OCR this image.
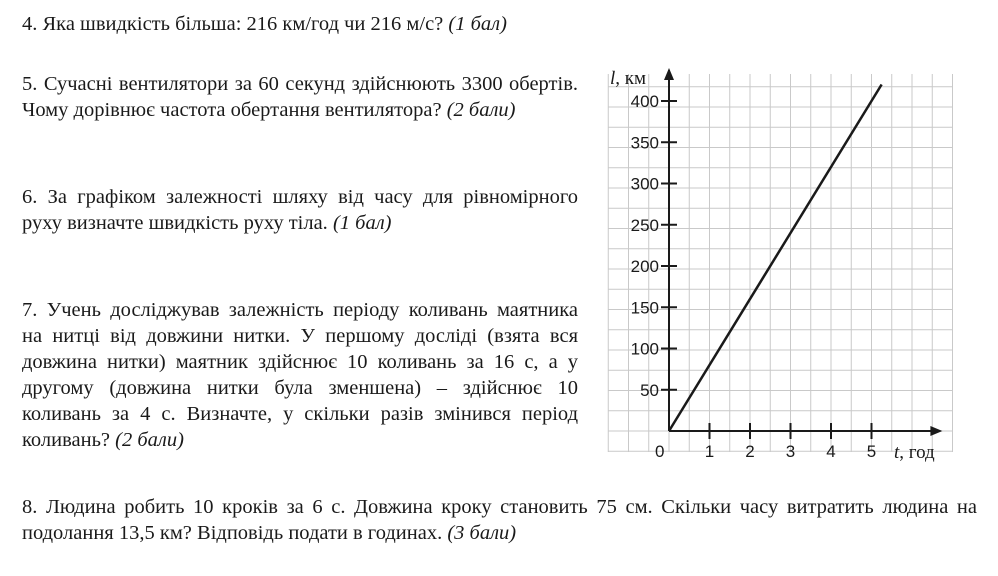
4. Яка швидкість більша: 216 км/год чи 216 м/с? (1 бал)

5. Сучасні вентилятори за 60 секунд здійснюють 3300 обертів. Чому дорівнює частота обертання вентилятора? (2 бали)

6. За графіком залежності шляху від часу для рівномірного руху визначте швидкість руху тіла. (1 бал)

7. Учень досліджував залежність періоду коливань маятника на нитці від довжини нитки. У першому досліді (взята вся довжина нитки) маятник здійснює 10 коливань за 16 с, а у другому (довжина нитки була зменшена) – здійснює 10 коливань за 4 с. Визначте, у скільки разів змінився період коливань? (2 бали)

8. Людина робить 10 кроків за 6 с. Довжина кроку становить 75 см. Скільки часу витратить людина на подолання 13,5 км? Відповідь подати в годинах. (3 бали)

50
100
150
200
250
300
350
400
1 2 3 4 5
l, км
t, год
0
